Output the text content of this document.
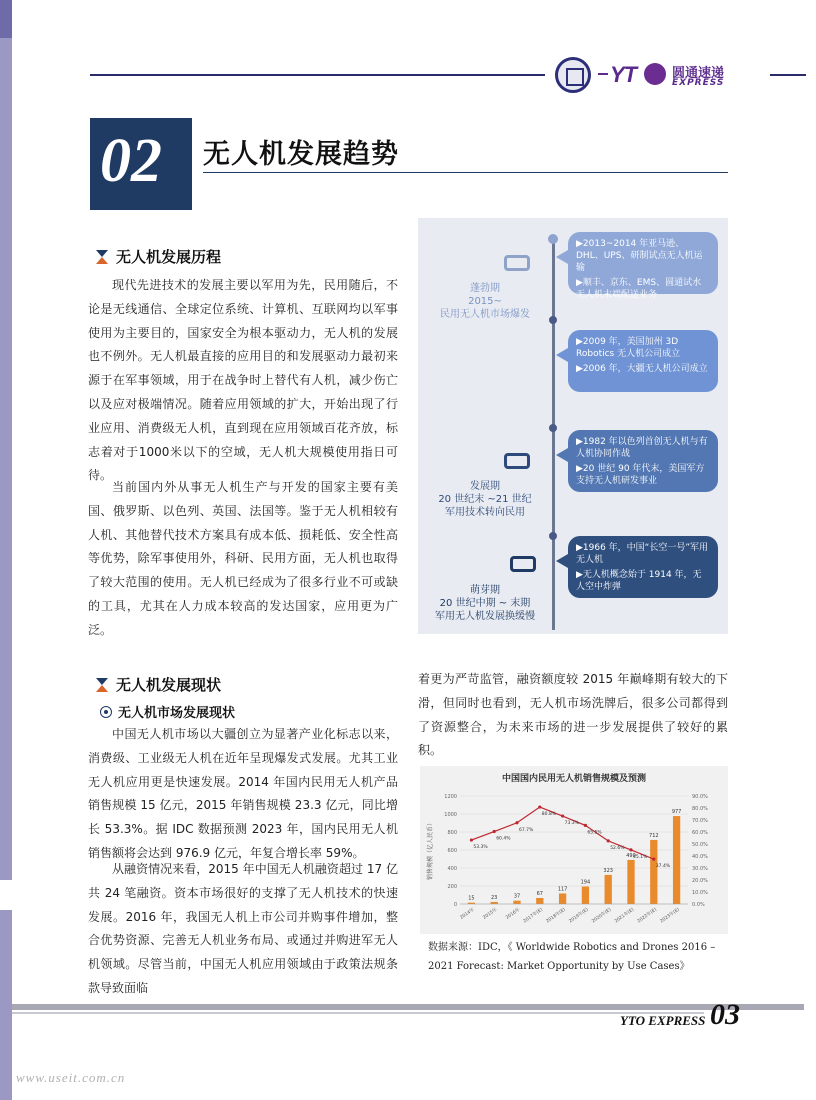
YT	圆通速递
EXPRESS
02 无人机发展趋势
无人机发展历程

现代先进技术的发展主要以军用为先，民用随后，不论是无线通信、全球定位系统、计算机、互联网均以军事使用为主要目的，国家安全为根本驱动力，无人机的发展也不例外。无人机最直接的应用目的和发展驱动力最初来源于在军事领域，用于在战争时上替代有人机，减少伤亡以及应对极端情况。随着应用领域的扩大，开始出现了行业应用、消费级无人机，直到现在应用领域百花齐放，标志着对于1000米以下的空域，无人机大规模使用指日可待。

当前国内外从事无人机生产与开发的国家主要有美国、俄罗斯、以色列、英国、法国等。鉴于无人机相较有人机、其他替代技术方案具有成本低、损耗低、安全性高等优势，除军事使用外，科研、民用方面，无人机也取得了较大范围的使用。无人机已经成为了很多行业不可或缺的工具，尤其在人力成本较高的发达国家，应用更为广泛。

蓬勃期
2015~
民用无人机市场爆发
发展期
20 世纪末 ~21 世纪
军用技术转向民用
萌芽期
20 世纪中期 ~ 末期
军用无人机发展换缓慢

▶2013~2014 年亚马逊、DHL、UPS、研制试点无人机运输

▶顺丰、京东、EMS、圆通试水无人机末端配送业务

▶2009 年，美国加州 3D Robotics 无人机公司成立

▶2006 年，大疆无人机公司成立

▶1982 年以色列首创无人机与有人机协同作战

▶20 世纪 90 年代末，美国军方支持无人机研发事业

▶1966 年，中国“长空一号”军用无人机

▶无人机概念始于 1914 年，无人空中炸弹

无人机发展现状
无人机市场发展现状

中国无人机市场以大疆创立为显著产业化标志以来，消费级、工业级无人机在近年呈现爆发式发展。尤其工业无人机应用更是快速发展。2014 年国内民用无人机产品销售规模 15 亿元，2015 年销售规模 23.3 亿元，同比增长 53.3%。据 IDC 数据预测 2023 年，国内民用无人机销售额将会达到 976.9 亿元，年复合增长率 59%。

从融资情况来看，2015 年中国无人机融资超过 17 亿共 24 笔融资。资本市场很好的支撑了无人机技术的快速发展。2016 年，我国无人机上市公司并购事件增加，整合优势资源、完善无人机业务布局、或通过并购进军无人机领域。尽管当前，中国无人机应用领域由于政策法规条款导致面临

着更为严苛监管，融资额度较 2015 年巅峰期有较大的下滑，但同时也看到，无人机市场洗牌后，很多公司都得到了资源整合，为未来市场的进一步发展提供了较好的累积。

中国国内民用无人机销售规模及预测
销售规模（亿人民币）
0
200
400
600
800
1000
1200
0.0%
10.0%
20.0%
30.0%
40.0%
50.0%
60.0%
70.0%
80.0%
90.0%
15
2014年
23
2015年
37
2016年
67
2017年(E)
117
2018年(E)
194
2019年(E)
323
2020年(E)
490
2021年(E)
712
2022年(E)
977
2023年(E)
53.3%
60.4%
67.7%
80.8%
73.3%
65.5%
52.6%
45.1%
37.4%

数据来源：IDC，《 Worldwide Robotics and Drones 2016 – 2021 Forecast: Market Opportunity by Use Cases》

YTO EXPRESS 03
www.useit.com.cn
